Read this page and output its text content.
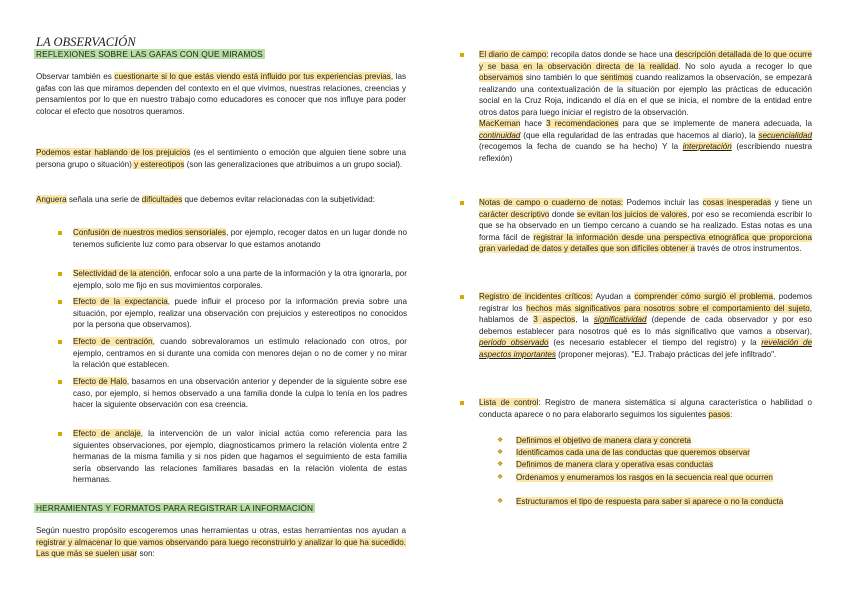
LA OBSERVACIÓN
REFLEXIONES SOBRE LAS GAFAS CON QUE MIRAMOS

Observar también es cuestionarte si lo que estás viendo está influido por tus experiencias previas, las gafas con las que miramos dependen del contexto en el que vivimos, nuestras relaciones, creencias y pensamientos por lo que en nuestro trabajo como educadores es conocer que nos influye para poder colocar el efecto que nosotros queramos.

Podemos estar hablando de los prejuicios (es el sentimiento o emoción que alguien tiene sobre una persona grupo o situación) y estereotipos (son las generalizaciones que atribuimos a un grupo social).

Anguera señala una serie de dificultades que debemos evitar relacionadas con la subjetividad:

Confusión de nuestros medios sensoriales, por ejemplo, recoger datos en un lugar donde no tenemos suficiente luz como para observar lo que estamos anotando
Selectividad de la atención, enfocar solo a una parte de la información y la otra ignorarla, por ejemplo, solo me fijo en sus movimientos corporales.
Efecto de la expectancia, puede influir el proceso por la información previa sobre una situación, por ejemplo, realizar una observación con prejuicios y estereotipos no conocidos por la persona que observamos).
Efecto de centración, cuando sobrevaloramos un estímulo relacionado con otros, por ejemplo, centramos en si durante una comida con menores dejan o no de comer y no mirar la relación que establecen.
Efecto de Halo, basarnos en una observación anterior y depender de la siguiente sobre ese caso, por ejemplo, si hemos observado a una familia donde la culpa lo tenía en los padres hacer la siguiente observación con esa creencia.
Efecto de anclaje, la intervención de un valor inicial actúa como referencia para las siguientes observaciones, por ejemplo, diagnosticamos primero la relación violenta entre 2 hermanas de la misma familia y si nos piden que hagamos el seguimiento de esta familia sería observando las relaciones familiares basadas en la relación violenta de estas hermanas.
HERRAMIENTAS Y FORMATOS PARA REGISTRAR LA INFORMACIÓN

Según nuestro propósito escogeremos unas herramientas u otras, estas herramientas nos ayudan a registrar y almacenar lo que vamos observando para luego reconstruirlo y analizar lo que ha sucedido. Las que más se suelen usar son:

El diario de campo: recopila datos donde se hace una descripción detallada de lo que ocurre y se basa en la observación directa de la realidad. No solo ayuda a recoger lo que observamos sino también lo que sentimos cuando realizamos la observación, se empezará realizando una contextualización de la situación por ejemplo las prácticas de educación social en la Cruz Roja, indicando el día en el que se inicia, el nombre de la entidad entre otros datos para luego iniciar el registro de la observación.
MacKernan hace 3 recomendaciones para que se implemente de manera adecuada, la continuidad (que ella regularidad de las entradas que hacemos al diario), la secuencialidad (recogemos la fecha de cuando se ha hecho) Y la interpretación (escribiendo nuestra reflexión)
Notas de campo o cuaderno de notas: Podemos incluir las cosas inesperadas y tiene un carácter descriptivo donde se evitan los juicios de valores, por eso se recomienda escribir lo que se ha observado en un tiempo cercano a cuando se ha realizado. Estas notas es una forma fácil de registrar la información desde una perspectiva etnográfica que proporciona gran variedad de datos y detalles que son difíciles obtener a través de otros instrumentos.
Registro de incidentes críticos: Ayudan a comprender cómo surgió el problema, podemos registrar los hechos más significativos para nosotros sobre el comportamiento del sujeto, hablamos de 3 aspectos, la significatividad (depende de cada observador y por eso debemos establecer para nosotros qué es lo más significativo que vamos a observar), periodo observado (es necesario establecer el tiempo del registro) y la revelación de aspectos importantes (proponer mejoras). "EJ. Trabajo prácticas del jefe infiltrado".
Lista de control: Registro de manera sistemática si alguna característica o habilidad o conducta aparece o no para elaborarlo seguimos los siguientes pasos:
❖ Definimos el objetivo de manera clara y concreta
❖ Identificamos cada una de las conductas que queremos observar
❖ Definimos de manera clara y operativa esas conductas
❖ Ordenamos y enumeramos los rasgos en la secuencia real que ocurren
❖ Estructuramos el tipo de respuesta para saber si aparece o no la conducta
